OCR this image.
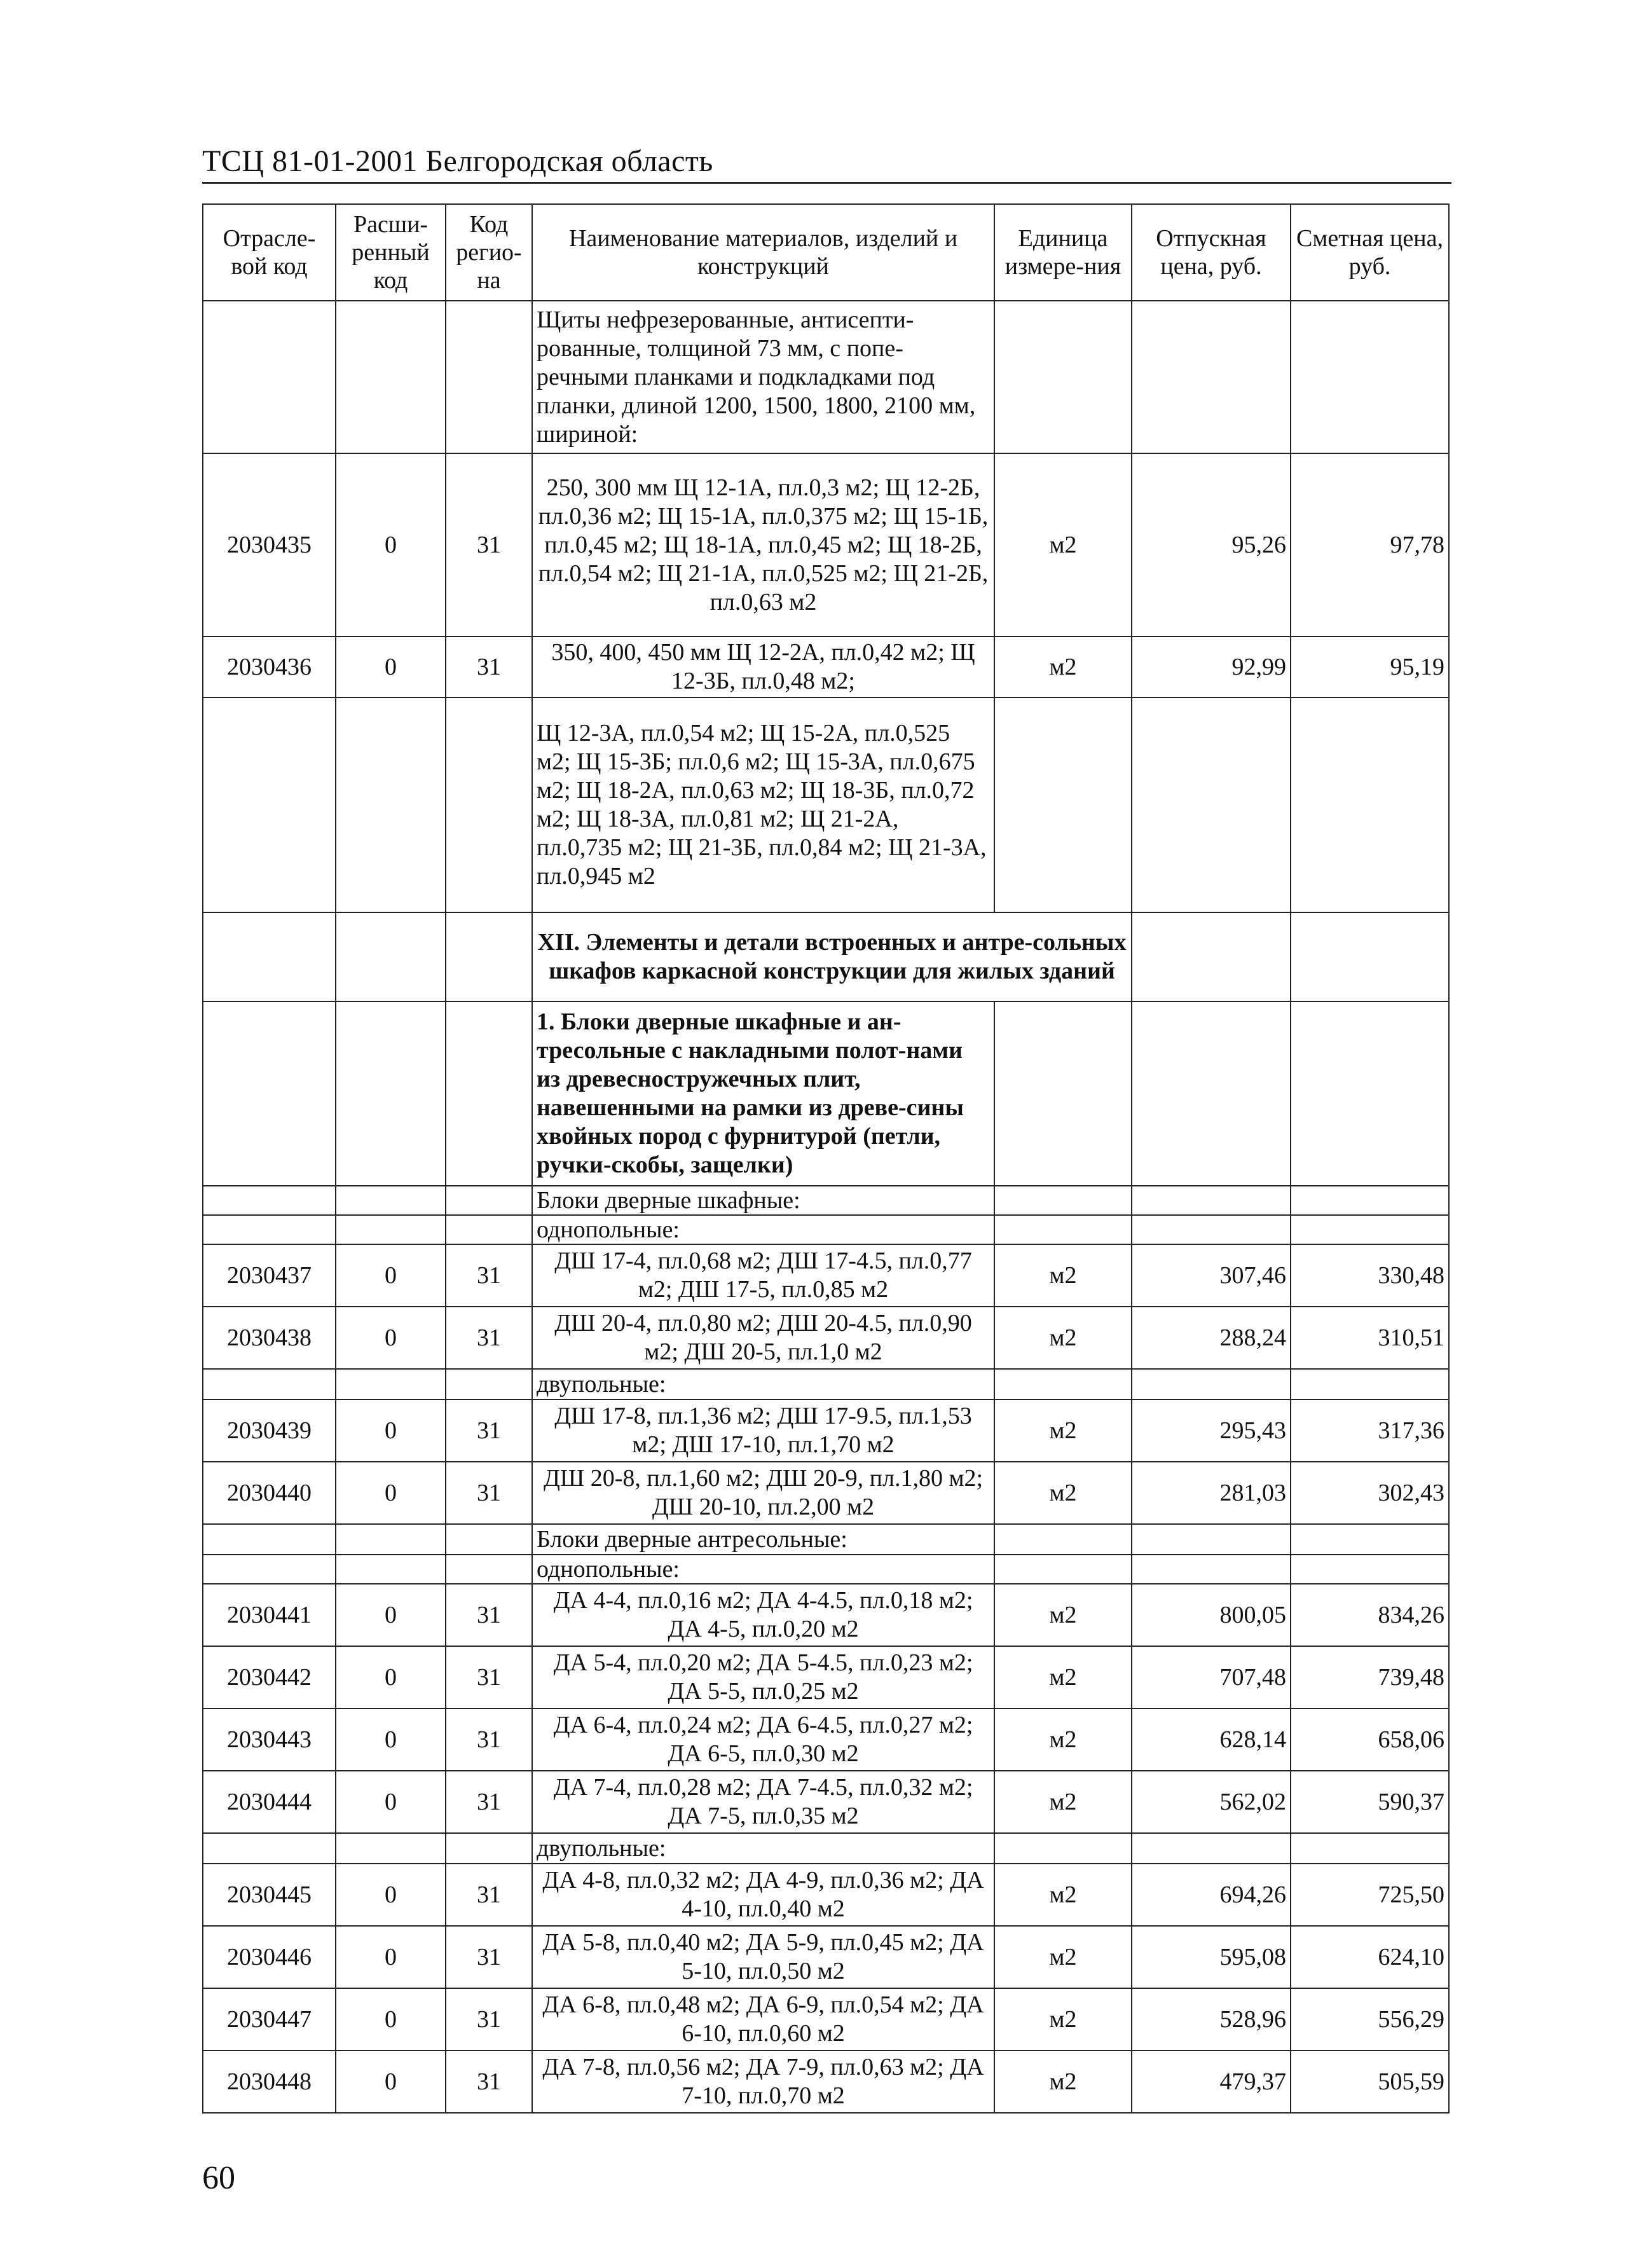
ТСЦ 81-01-2001 Белгородская область
Отрасле-вой код	Расши-ренный код	Код регио-на	Наименование материалов, изделий и конструкций	Единица измере-ния	Отпускная цена, руб.	Сметная цена, руб.
			Щиты нефрезерованные, антисепти-рованные, толщиной 73 мм, с попе-речными планками и подкладками под планки, длиной 1200, 1500, 1800, 2100 мм, шириной:			
2030435	0	31	250, 300 мм Щ 12-1А, пл.0,3 м2; Щ 12-2Б, пл.0,36 м2; Щ 15-1А, пл.0,375 м2; Щ 15-1Б, пл.0,45 м2; Щ 18-1А, пл.0,45 м2; Щ 18-2Б, пл.0,54 м2; Щ 21-1А, пл.0,525 м2; Щ 21-2Б, пл.0,63 м2	м2	95,26	97,78
2030436	0	31	350, 400, 450 мм Щ 12-2А, пл.0,42 м2; Щ 12-3Б, пл.0,48 м2;	м2	92,99	95,19
			Щ 12-3А, пл.0,54 м2; Щ 15-2А, пл.0,525 м2; Щ 15-3Б; пл.0,6 м2; Щ 15-3А, пл.0,675 м2; Щ 18-2А, пл.0,63 м2; Щ 18-3Б, пл.0,72 м2; Щ 18-3А, пл.0,81 м2; Щ 21-2А, пл.0,735 м2; Щ 21-3Б, пл.0,84 м2; Щ 21-3А, пл.0,945 м2			
			XII. Элементы и детали встроенных и антре-сольных шкафов каркасной конструкции для жилых зданий			
			1. Блоки дверные шкафные и ан-тресольные с накладными полот-нами из древесностружечных плит, навешенными на рамки из древе-сины хвойных пород с фурнитурой (петли, ручки-скобы, защелки)			
			Блоки дверные шкафные:			
			однопольные:			
2030437	0	31	ДШ 17-4, пл.0,68 м2; ДШ 17-4.5, пл.0,77 м2; ДШ 17-5, пл.0,85 м2	м2	307,46	330,48
2030438	0	31	ДШ 20-4, пл.0,80 м2; ДШ 20-4.5, пл.0,90 м2; ДШ 20-5, пл.1,0 м2	м2	288,24	310,51
			двупольные:			
2030439	0	31	ДШ 17-8, пл.1,36 м2; ДШ 17-9.5, пл.1,53 м2; ДШ 17-10, пл.1,70 м2	м2	295,43	317,36
2030440	0	31	ДШ 20-8, пл.1,60 м2; ДШ 20-9, пл.1,80 м2; ДШ 20-10, пл.2,00 м2	м2	281,03	302,43
			Блоки дверные антресольные:			
			однопольные:			
2030441	0	31	ДА 4-4, пл.0,16 м2; ДА 4-4.5, пл.0,18 м2; ДА 4-5, пл.0,20 м2	м2	800,05	834,26
2030442	0	31	ДА 5-4, пл.0,20 м2; ДА 5-4.5, пл.0,23 м2; ДА 5-5, пл.0,25 м2	м2	707,48	739,48
2030443	0	31	ДА 6-4, пл.0,24 м2; ДА 6-4.5, пл.0,27 м2; ДА 6-5, пл.0,30 м2	м2	628,14	658,06
2030444	0	31	ДА 7-4, пл.0,28 м2; ДА 7-4.5, пл.0,32 м2; ДА 7-5, пл.0,35 м2	м2	562,02	590,37
			двупольные:			
2030445	0	31	ДА 4-8, пл.0,32 м2; ДА 4-9, пл.0,36 м2; ДА 4-10, пл.0,40 м2	м2	694,26	725,50
2030446	0	31	ДА 5-8, пл.0,40 м2; ДА 5-9, пл.0,45 м2; ДА 5-10, пл.0,50 м2	м2	595,08	624,10
2030447	0	31	ДА 6-8, пл.0,48 м2; ДА 6-9, пл.0,54 м2; ДА 6-10, пл.0,60 м2	м2	528,96	556,29
2030448	0	31	ДА 7-8, пл.0,56 м2; ДА 7-9, пл.0,63 м2; ДА 7-10, пл.0,70 м2	м2	479,37	505,59
60
